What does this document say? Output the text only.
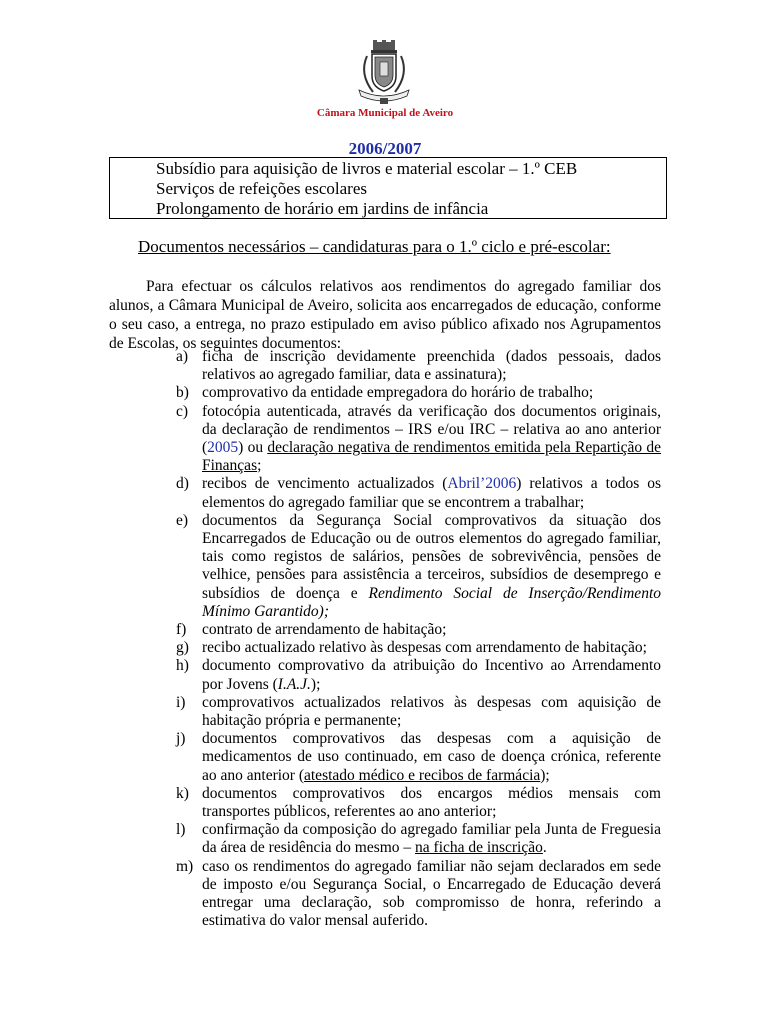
Câmara Municipal de Aveiro
2006/2007
Subsídio para aquisição de livros e material escolar – 1.º CEB
Serviços de refeições escolares
Prolongamento de horário em jardins de infância
Documentos necessários – candidaturas para o 1.º ciclo e pré-escolar:

Para efectuar os cálculos relativos aos rendimentos do agregado familiar dos alunos, a Câmara Municipal de Aveiro, solicita aos encarregados de educação, conforme o seu caso, a entrega, no prazo estipulado em aviso público afixado nos Agrupamentos de Escolas, os seguintes documentos:

a) ficha de inscrição devidamente preenchida (dados pessoais, dados relativos ao agregado familiar, data e assinatura);
b) comprovativo da entidade empregadora do horário de trabalho;
c) fotocópia autenticada, através da verificação dos documentos originais, da declaração de rendimentos – IRS e/ou IRC – relativa ao ano anterior (2005) ou declaração negativa de rendimentos emitida pela Repartição de Finanças;
d) recibos de vencimento actualizados (Abril’2006) relativos a todos os elementos do agregado familiar que se encontrem a trabalhar;
e) documentos da Segurança Social comprovativos da situação dos Encarregados de Educação ou de outros elementos do agregado familiar, tais como registos de salários, pensões de sobrevivência, pensões de velhice, pensões para assistência a terceiros, subsídios de desemprego e subsídios de doença e Rendimento Social de Inserção/Rendimento Mínimo Garantido);
f) contrato de arrendamento de habitação;
g) recibo actualizado relativo às despesas com arrendamento de habitação;
h) documento comprovativo da atribuição do Incentivo ao Arrendamento por Jovens (I.A.J.);
i) comprovativos actualizados relativos às despesas com aquisição de habitação própria e permanente;
j) documentos comprovativos das despesas com a aquisição de medicamentos de uso continuado, em caso de doença crónica, referente ao ano anterior (atestado médico e recibos de farmácia);
k) documentos comprovativos dos encargos médios mensais com transportes públicos, referentes ao ano anterior;
l) confirmação da composição do agregado familiar pela Junta de Freguesia da área de residência do mesmo – na ficha de inscrição.
m) caso os rendimentos do agregado familiar não sejam declarados em sede de imposto e/ou Segurança Social, o Encarregado de Educação deverá entregar uma declaração, sob compromisso de honra, referindo a estimativa do valor mensal auferido.
